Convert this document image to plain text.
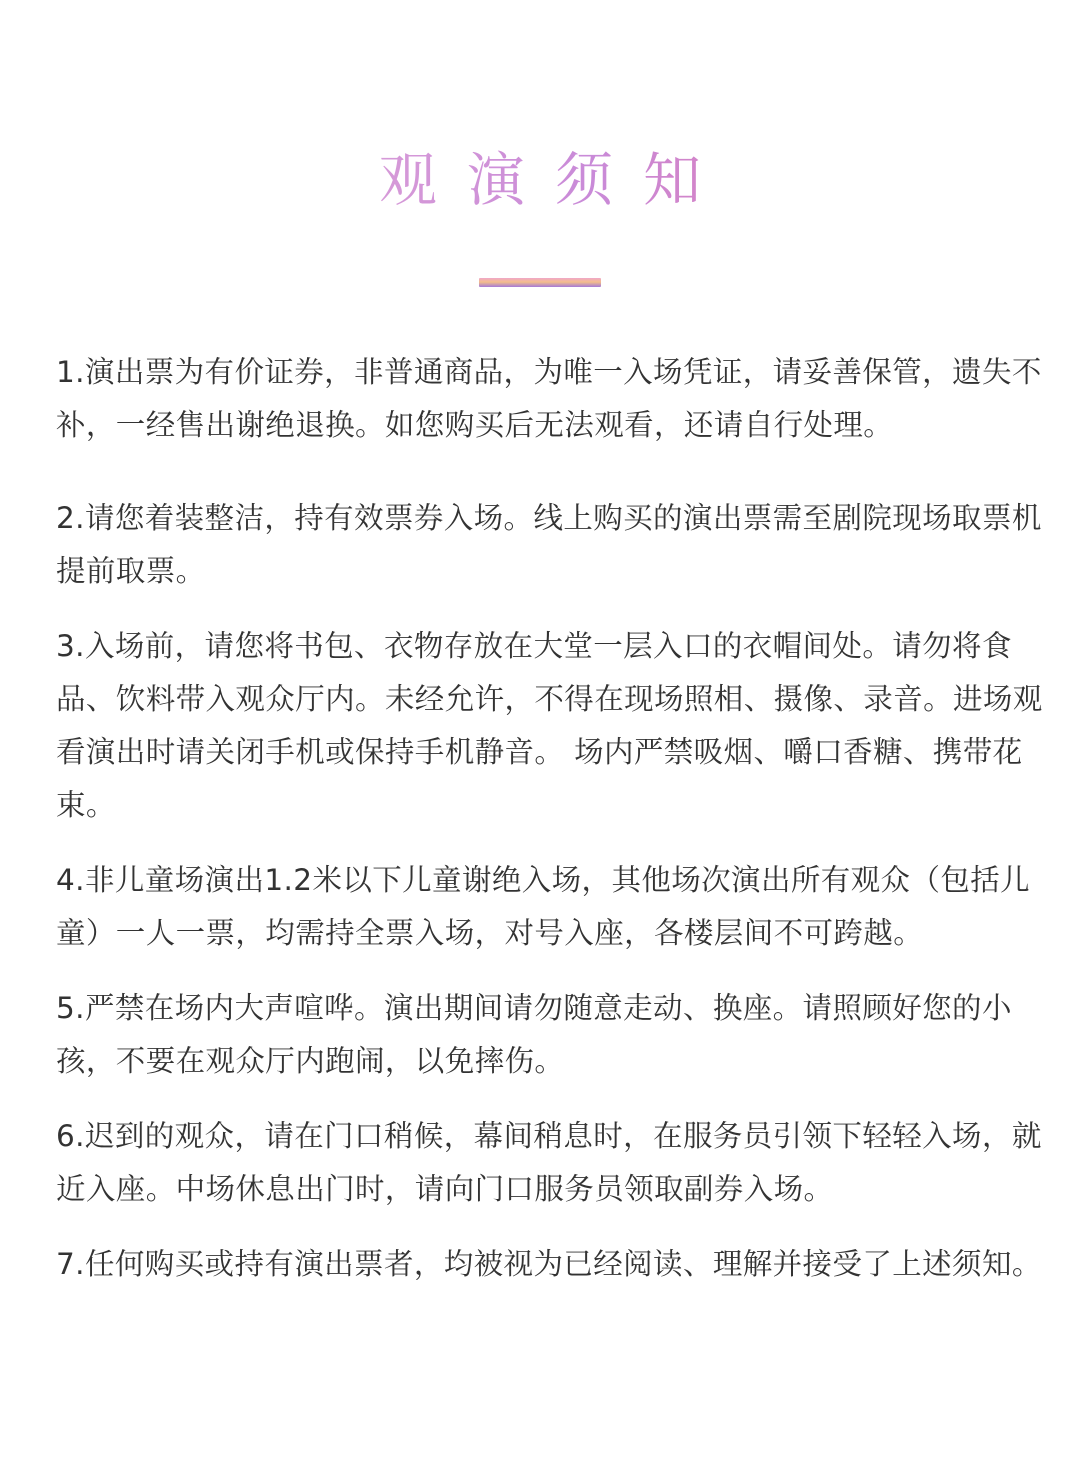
观演须知

1.演出票为有价证券，非普通商品，为唯一入场凭证，请妥善保管，遗失不补，一经售出谢绝退换。如您购买后无法观看，还请自行处理。

2.请您着装整洁，持有效票券入场。线上购买的演出票需至剧院现场取票机提前取票。

3.入场前，请您将书包、衣物存放在大堂一层入口的衣帽间处。请勿将食品、饮料带入观众厅内。未经允许，不得在现场照相、摄像、录音。进场观看演出时请关闭手机或保持手机静音。 场内严禁吸烟、嚼口香糖、携带花束。

4.非儿童场演出1.2米以下儿童谢绝入场，其他场次演出所有观众（包括儿童）一人一票，均需持全票入场，对号入座，各楼层间不可跨越。

5.严禁在场内大声喧哗。演出期间请勿随意走动、换座。请照顾好您的小孩，不要在观众厅内跑闹，以免摔伤。

6.迟到的观众，请在门口稍候，幕间稍息时，在服务员引领下轻轻入场，就近入座。中场休息出门时，请向门口服务员领取副券入场。

7.任何购买或持有演出票者，均被视为已经阅读、理解并接受了上述须知。
